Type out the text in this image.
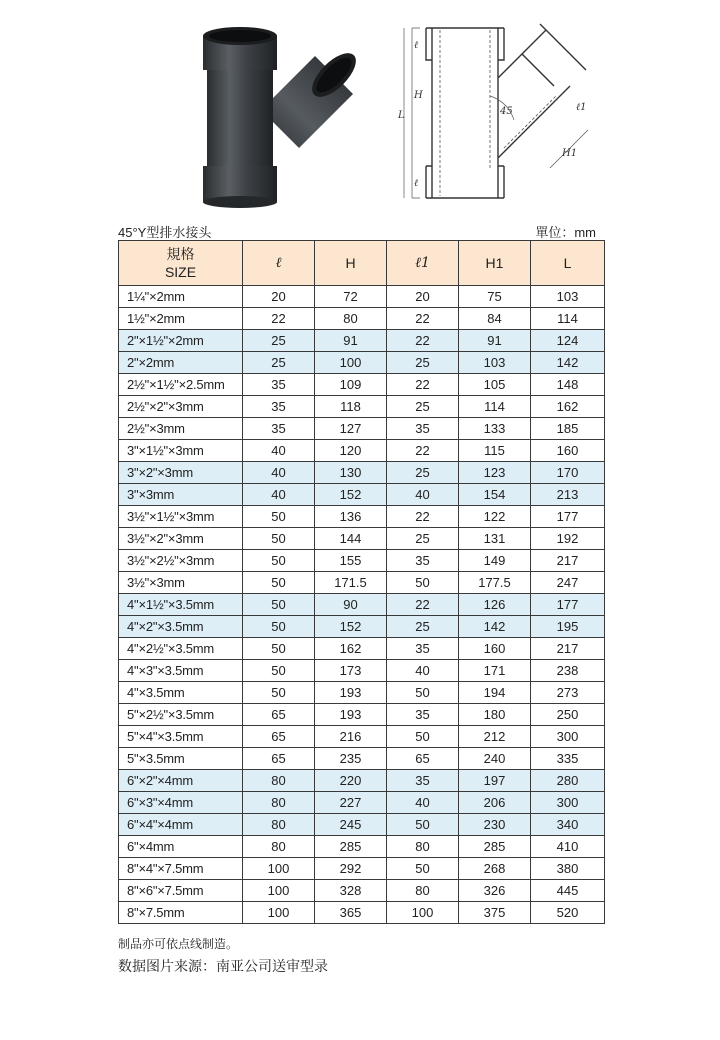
45
L
H
ℓ
ℓ
H1
ℓ1
45°Y型排水接头	單位：mm
規格
SIZE	ℓ	H	ℓ1	H1	L
1¼"×2mm	20	72	20	75	103
1½"×2mm	22	80	22	84	114
2"×1½"×2mm	25	91	22	91	124
2"×2mm	25	100	25	103	142
2½"×1½"×2.5mm	35	109	22	105	148
2½"×2"×3mm	35	118	25	114	162
2½"×3mm	35	127	35	133	185
3"×1½"×3mm	40	120	22	115	160
3"×2"×3mm	40	130	25	123	170
3"×3mm	40	152	40	154	213
3½"×1½"×3mm	50	136	22	122	177
3½"×2"×3mm	50	144	25	131	192
3½"×2½"×3mm	50	155	35	149	217
3½"×3mm	50	171.5	50	177.5	247
4"×1½"×3.5mm	50	90	22	126	177
4"×2"×3.5mm	50	152	25	142	195
4"×2½"×3.5mm	50	162	35	160	217
4"×3"×3.5mm	50	173	40	171	238
4"×3.5mm	50	193	50	194	273
5"×2½"×3.5mm	65	193	35	180	250
5"×4"×3.5mm	65	216	50	212	300
5"×3.5mm	65	235	65	240	335
6"×2"×4mm	80	220	35	197	280
6"×3"×4mm	80	227	40	206	300
6"×4"×4mm	80	245	50	230	340
6"×4mm	80	285	80	285	410
8"×4"×7.5mm	100	292	50	268	380
8"×6"×7.5mm	100	328	80	326	445
8"×7.5mm	100	365	100	375	520
制品亦可依点线制造。
数据图片来源：南亚公司送审型录
